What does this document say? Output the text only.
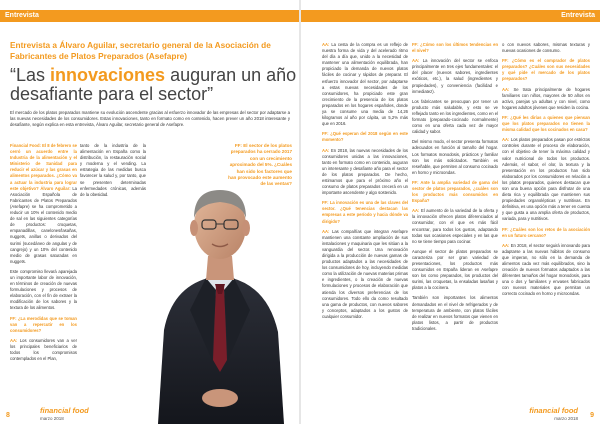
Entrevista	Entrevista
Entrevista a Álvaro Aguilar, secretario general de la Asociación de Fabricantes de Platos Preparados (Asefapre)
“Las innovaciones auguran un año desafiante para el sector”
El mercado de los platos preparados mantiene su evolución ascendente gracias al esfuerzo innovador de las empresas del sector por adaptarse a las nuevas necesidades de los consumidores. Estas innovaciones, tanto en formato como en contenido, hacen prever un año 2018 interesante y desafiante, según explica en esta entrevista, Álvaro Aguilar, secretario general de Asefapre.

Financial Food: El 8 de febrero se cerró un acuerdo entre la Industria de la alimentación y el Ministerio de Sanidad para reducir el azúcar y las grasas en alimentos preparados. ¿Cómo va a actuar la industria para lograr este objetivo? Álvaro Aguilar: La Asociación Española de Fabricantes de Platos Preparados (Asefapre) se ha comprometido a reducir un 10% el contenido medio de sal en las siguientes categorías de productos: croquetas, empanadillas, canelones/lasañas, nuggets, anillas o derivados del surimi (sucedáneo de angulas y de cangrejo) y un 10% del contenido medio de grasas saturadas en nuggets.

Este compromiso llevará aparejada un importante labor de innovación, en términos de creación de nuevas formulaciones y procesos de elaboración, con el fin de extraer la modificación de los sabores y la textura de los alimentos.

FF: ¿La merodidas que se toman van a repercutir en los consumidores?

AA: Los consumidores van a ver los principales beneficiarios de todos los compromisos contemplados en el Plan,

tanto de la industria de la alimentación en España como la distribución, la restauración social y moderna y el vending. La estrategia de las medidas busca favorecer la salud y, por tanto, que se presenten determinadas enfermedades crónicas, además de la obesidad.

FF: El sector de los platos preparados ha cerrado 2017 con un crecimiento aproximado del 5%. ¿Cuáles han sido los factores que han provocado este aumento de las ventas?

AA: La cesta de la compra es un reflejo de nuestra forma de vida y del acelerado ritmo del día a día que, unido a la necesidad de mantener una alimentación equilibrada, han propiciado la demanda de nuevos platos fáciles de cocinar y rápidos de preparar. El esfuerzo innovador del sector, por adaptarse a estas nuevas necesidades de los consumidores, ha propiciado este gran crecimiento de la presencia de los platos preparados en los hogares españoles, donde ya se consume una media de 14,26 kilogramos al año por cápita, un 5,2% más que en 2016.

FF: ¿Qué esperan del 2018 según en este momento?

AA: En 2018, las nuevas necesidades de los consumidores unidas a las innovaciones, tanto en formato como en contenido, auguran un interesante y desafiante año para el sector de los platos preparados. De hecho, estimamos que para el próximo año el consumo de platos preparados crecerá en un importante ascendente y algo sostenido.

FF: La innovación es una de las claves del sector. ¿Qué tenencias destacan las empresas a este período y hacia dónde va dirigido?

AA: Las compañías que integran Asefapre mantienen una constante ampliación de sus instalaciones y maquinaria que les sitúan a la vanguardia del sector. Una renovación dirigida a la producción de nuevas gamas de productos adaptados a las necesidades de los consumidores de hoy, incluyendo medidas como la utilización de nuevas materias primas e ingredientes, o la creación de nuevas formulaciones y procesos de elaboración que atienda los diversos preferencias de los consumidores. Todo ello da como resultado una gama de productos, con nuevos sabores y conceptos, adaptados a los gustos de cualquier consumidor.

FF: ¿Cómo son los últimos tendencias en el nivel?

AA: La innovación del sector se enfoca principalmente en tres ejes fundamentales: el del placer (nuevos sabores, ingredientes exóticos, etc.), la salud (ingredientes y propiedades), y conveniencia (facilidad e inmediatez).

Los fabricantes se preocupan por tener un producto más saludable, y esto se ve reflejado tanto en los ingredientes, como en el formato (preparado-cocinado normalmente) como en una oferta cada vez de mayor calidad y sabor.

Del mismo modo, el sector presenta formatos adecuados en función al tamaño del hogar. Los formatos monodosis, prácticos y familiar son los más solicitados. También es reseñable, que permiten al consumo cocinado en horno y microondas.

FF: Ante la amplia variedad de gama del sector de platos preparados, ¿cuáles son los productos más consumidos en España?

AA: El aumento de la variedad de la oferta y la innovación ofrecen platos diferenciados al consumidor, con el que es más fácil encontrar, para todos los gustos, adaptando todas sus ocasiones especiales y en las que no se tiene tiempo para cocinar.

Aunque el sector de platos preparados se caracteriza por ser gran variedad de presentaciones, los productos más consumidos en España lideran en Asefapre son los como preparados, los productos del surimi, las croquetas, la ensaladas lasañas y platos a la cocinera.

También son importantes los alimentos demandados en el nivel de refrigerados y de temperatura de ambiente, con platos fáciles de realizar en nuevos formatos que vienen en platos listos, a partir de productos tradicionales.

o con nuevos sabores, mismas texturas y nuevas ocasiones de consumo.

FF: ¿Cómo es el comprador de platos preparados? ¿Cuáles son sus necesidades y qué pide el mercado de los platos preparados?

AA: Se trata principalmente de hogares familiares con niños, mayores de 50 años en activo, parejas ya adultas y con nivel, como hogares adultos jóvenes que residen la cocina.

FF: ¿Qué les dirías a quienes que piensan que los platos preparados no tienen la misma calidad que los cocinados en casa?

AA: Los platos preparados pasan por estrictos controles durante el proceso de elaboración, con el objetivo de tener la máxima calidad y valor nutricional de todos los productos. Además, el sabor, el olor, la textura y la presentación en los productos han sido elaborados por los consumidores en relación a los platos preparados, quienes destacan que son una buena opción para disfrutar de una dieta rica y equilibrada que mantienen sus propiedades organolépticas y nutritivas. En definitiva, es una opción más a tener en cuenta y que gusta a una amplia oferta de productos, variada, para y nutritivos.

FF: ¿Cuáles son los retos de la asociación en un futuro cercano?

AA: En 2018, el sector seguirá innovando para adaptarse a las nuevas hábitos de consumo que imperan, no sólo en la demanda de alimentos cada vez más equilibrados, sino la creación de nuevos formatos adaptados a las diferentes tamaños del hogar monodosis, para una o dos y familiares y envases fabricados con nuevos materiales que permitan un correcto cocinado en horno y microondas.

8
financial food
marzo 2018
financial food
marzo 2018 9
